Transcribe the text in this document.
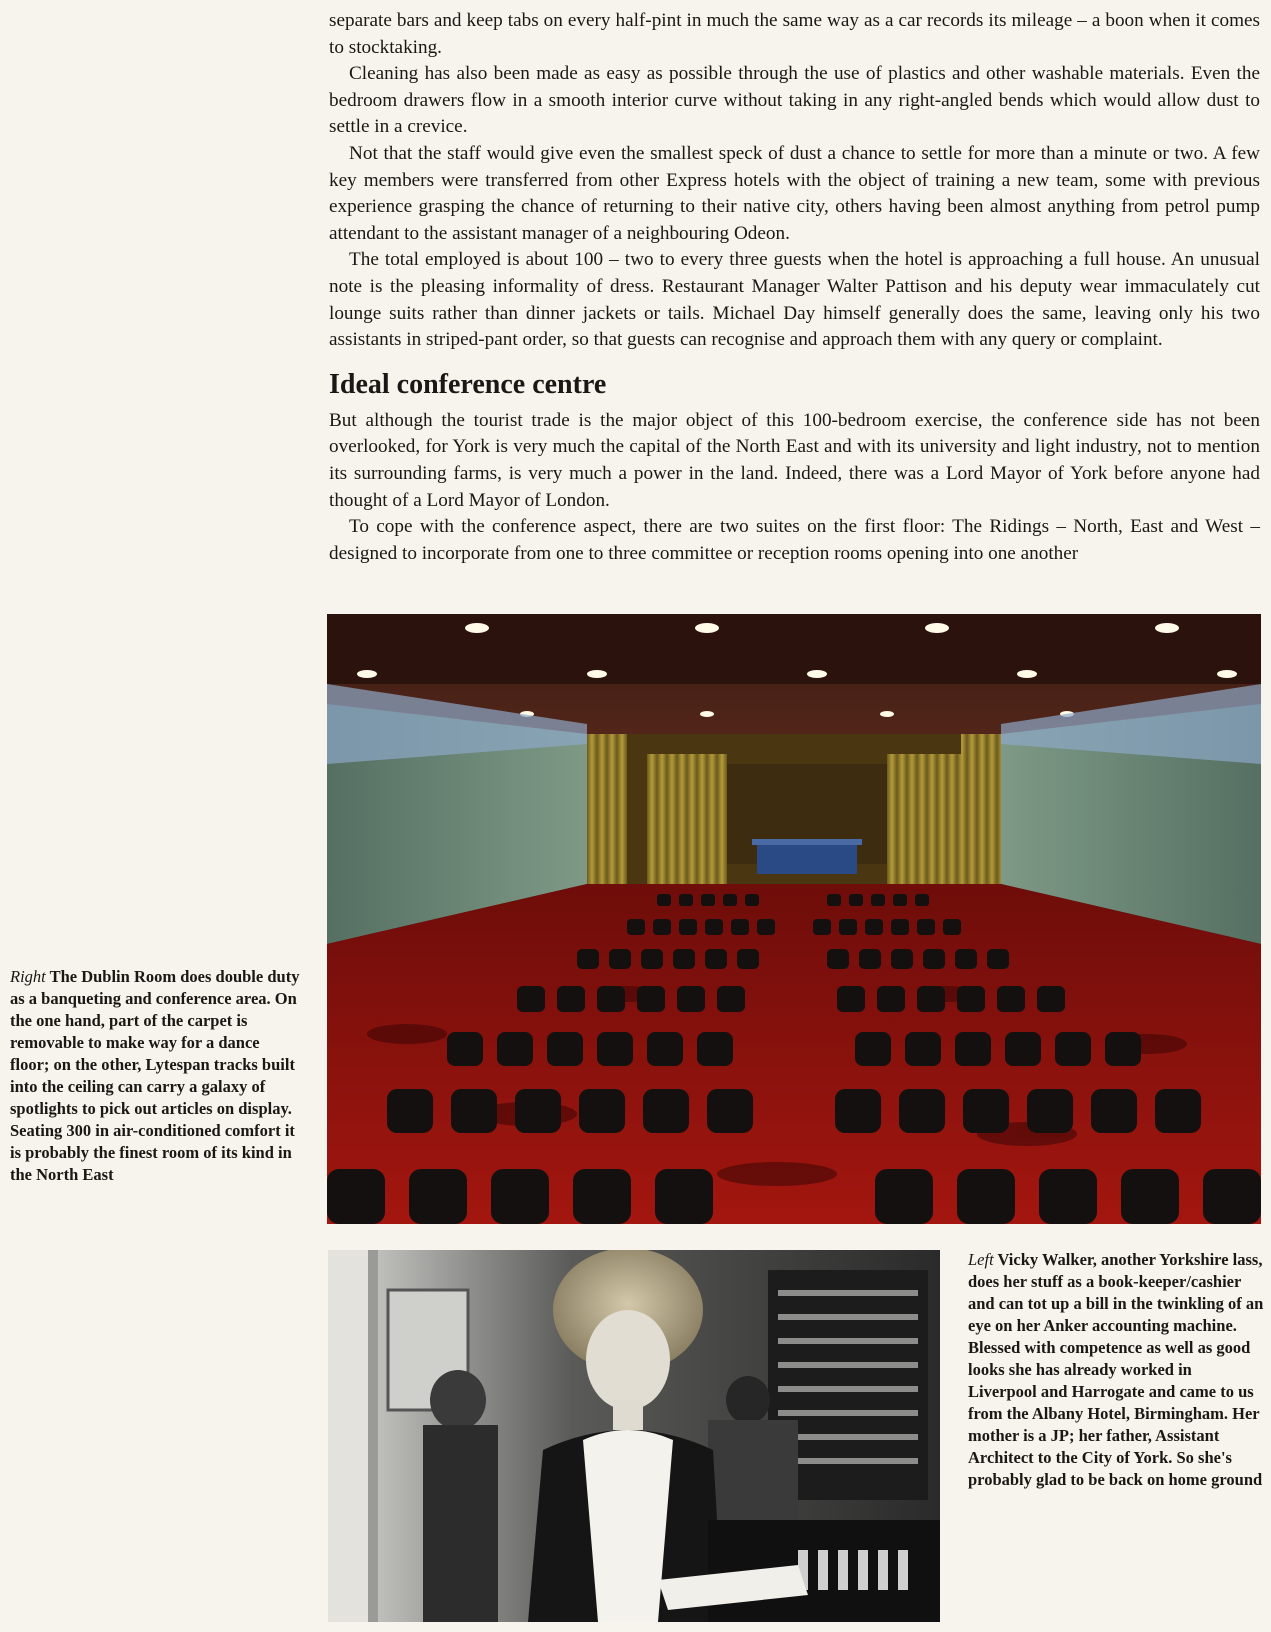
separate bars and keep tabs on every half-pint in much the same way as a car records its mileage – a boon when it comes to stocktaking.

Cleaning has also been made as easy as possible through the use of plastics and other washable materials. Even the bedroom drawers flow in a smooth interior curve without taking in any right-angled bends which would allow dust to settle in a crevice.

Not that the staff would give even the smallest speck of dust a chance to settle for more than a minute or two. A few key members were transferred from other Express hotels with the object of training a new team, some with previous experience grasping the chance of returning to their native city, others having been almost anything from petrol pump attendant to the assistant manager of a neighbouring Odeon.

The total employed is about 100 – two to every three guests when the hotel is approaching a full house. An unusual note is the pleasing informality of dress. Restaurant Manager Walter Pattison and his deputy wear immaculately cut lounge suits rather than dinner jackets or tails. Michael Day himself generally does the same, leaving only his two assistants in striped-pant order, so that guests can recognise and approach them with any query or complaint.

Ideal conference centre

But although the tourist trade is the major object of this 100-bedroom exercise, the conference side has not been overlooked, for York is very much the capital of the North East and with its university and light industry, not to mention its surrounding farms, is very much a power in the land. Indeed, there was a Lord Mayor of York before anyone had thought of a Lord Mayor of London.

To cope with the conference aspect, there are two suites on the first floor: The Ridings – North, East and West – designed to incorporate from one to three committee or reception rooms opening into one another

Right The Dublin Room does double duty as a banqueting and conference area. On the one hand, part of the carpet is removable to make way for a dance floor; on the other, Lytespan tracks built into the ceiling can carry a galaxy of spotlights to pick out articles on display. Seating 300 in air-conditioned comfort it is probably the finest room of its kind in the North East
Left Vicky Walker, another Yorkshire lass, does her stuff as a book-keeper/cashier and can tot up a bill in the twinkling of an eye on her Anker accounting machine. Blessed with competence as well as good looks she has already worked in Liverpool and Harrogate and came to us from the Albany Hotel, Birmingham. Her mother is a JP; her father, Assistant Architect to the City of York. So she's probably glad to be back on home ground
